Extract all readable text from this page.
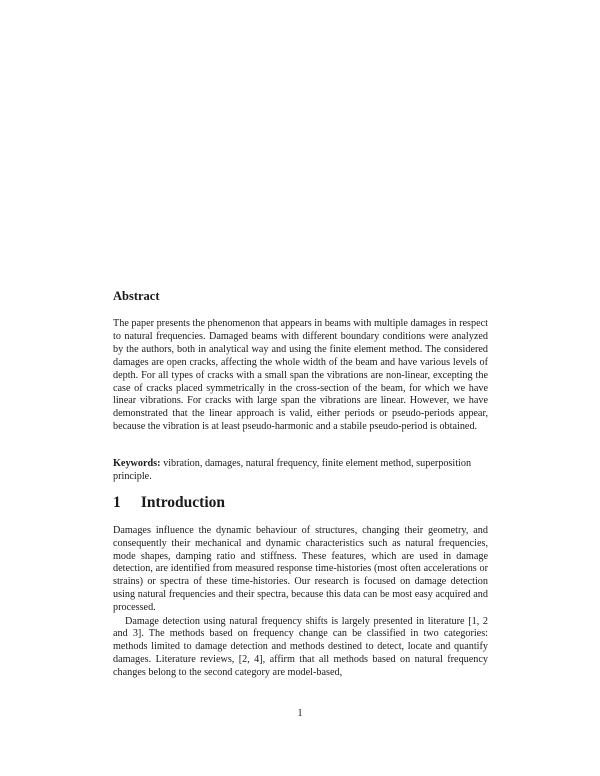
Abstract

The paper presents the phenomenon that appears in beams with multiple damages in respect to natural frequencies. Damaged beams with different boundary conditions were analyzed by the authors, both in analytical way and using the finite element method. The considered damages are open cracks, affecting the whole width of the beam and have various levels of depth. For all types of cracks with a small span the vibrations are non-linear, excepting the case of cracks placed symmetrically in the cross-section of the beam, for which we have linear vibrations. For cracks with large span the vibrations are linear. However, we have demonstrated that the linear approach is valid, either periods or pseudo-periods appear, because the vibration is at least pseudo-harmonic and a stabile pseudo-period is obtained.

Keywords: vibration, damages, natural frequency, finite element method, superposition principle.

1 Introduction

Damages influence the dynamic behaviour of structures, changing their geometry, and consequently their mechanical and dynamic characteristics such as natural frequencies, mode shapes, damping ratio and stiffness. These features, which are used in damage detection, are identified from measured response time-histories (most often accelerations or strains) or spectra of these time-histories. Our research is focused on damage detection using natural frequencies and their spectra, because this data can be most easy acquired and processed.

Damage detection using natural frequency shifts is largely presented in literature [1, 2 and 3]. The methods based on frequency change can be classified in two categories: methods limited to damage detection and methods destined to detect, locate and quantify damages. Literature reviews, [2, 4], affirm that all methods based on natural frequency changes belong to the second category are model-based,

1
